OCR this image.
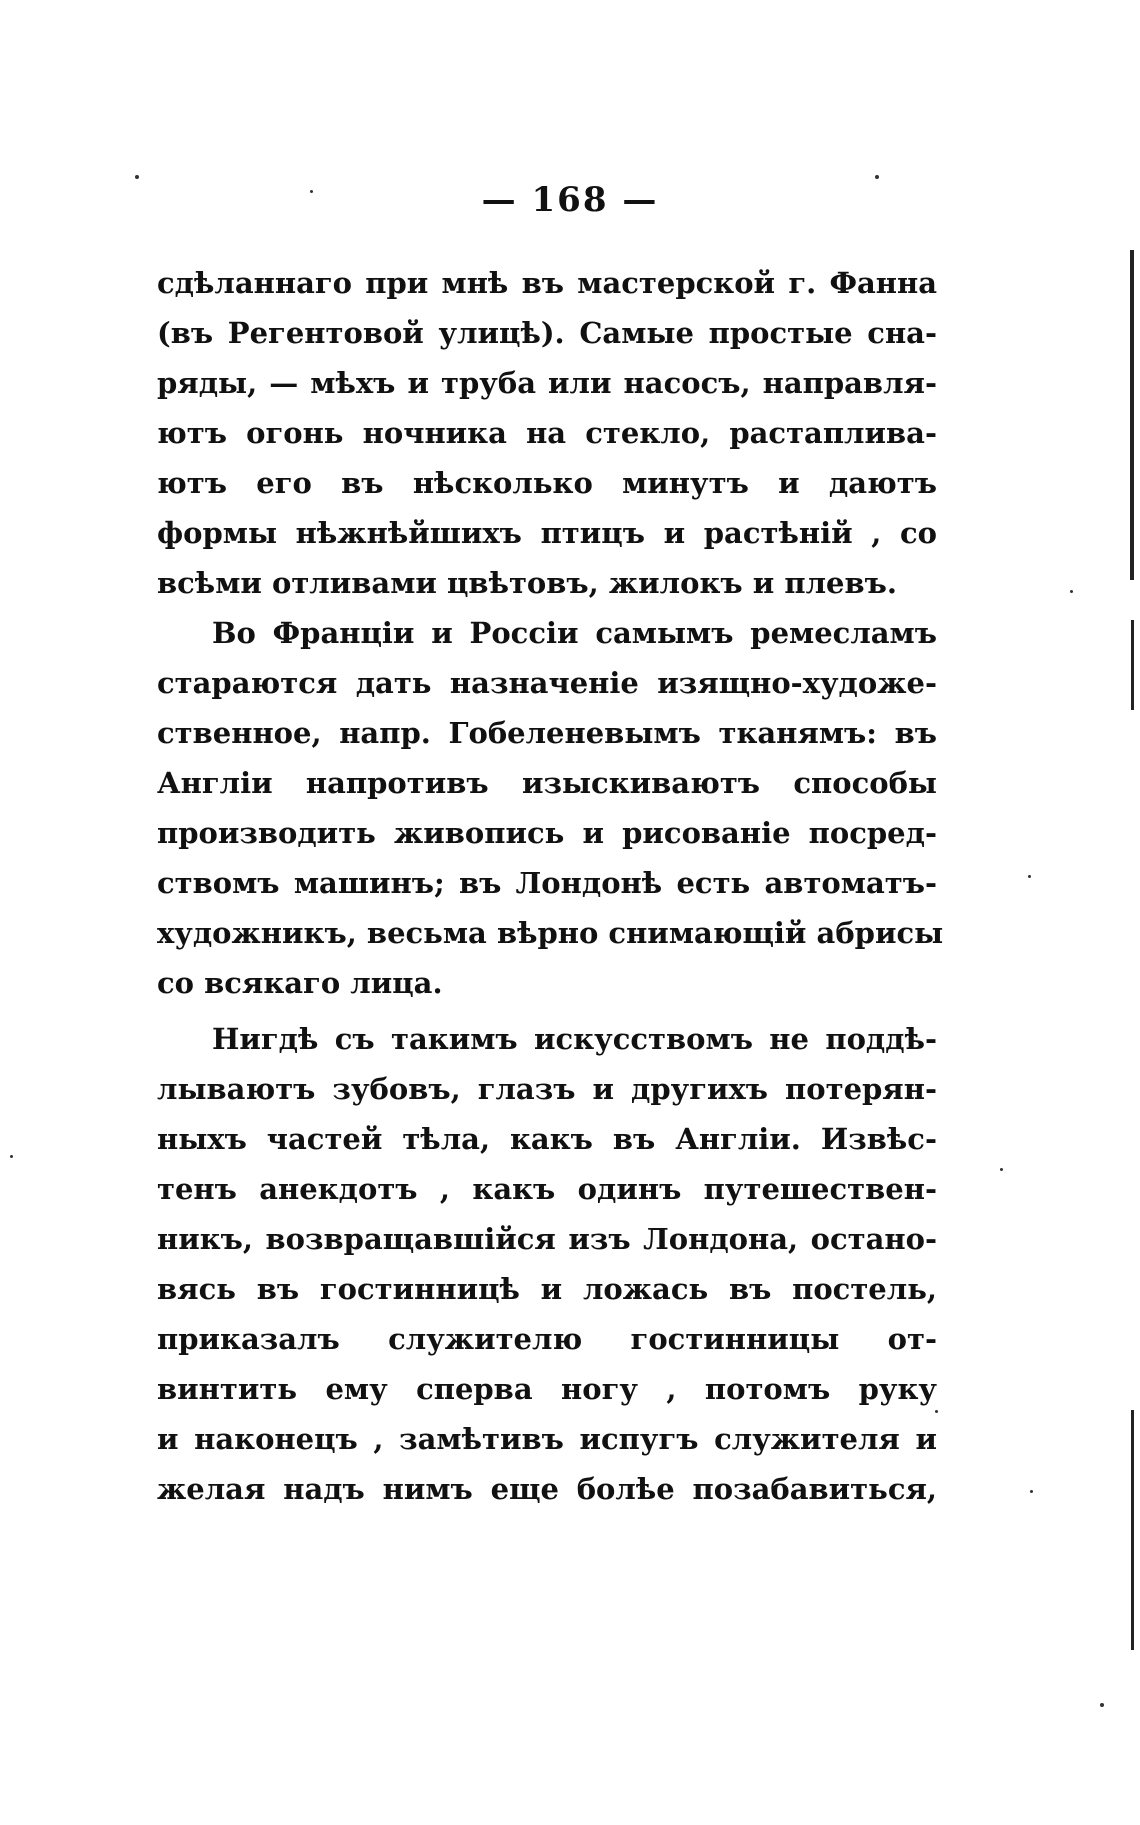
— 168 —
сдѣланнаго при мнѣ въ мастерской г. Фанна
(въ Регентовой улицѣ). Самые простые сна-
ряды, — мѣхъ и труба или насосъ, направля-
ютъ огонь ночника на стекло, растапливa-
ютъ его въ нѣсколько минутъ и даютъ
формы нѣжнѣйшихъ птицъ и растѣній , со
всѣми отливами цвѣтовъ, жилокъ и плевъ.
Во Франціи и Россіи самымъ ремесламъ
стараются дать назначеніе изящно-художе-
ственное, напр. Гобеленевымъ тканямъ: въ
Англіи напротивъ изыскиваютъ способы
производить живопись и рисованіе посред-
ствомъ машинъ; въ Лондонѣ есть автоматъ-
художникъ, весьма вѣрно снимающій абрисы
со всякаго лица.
Нигдѣ съ такимъ искусствомъ не поддѣ-
лываютъ зубовъ, глазъ и другихъ потерян-
ныхъ частей тѣла, какъ въ Англіи. Извѣс-
тенъ анекдотъ , какъ одинъ путешествен-
никъ, возвращавшійся изъ Лондона, остано-
вясь въ гостинницѣ и ложась въ постель,
приказалъ служителю гостинницы от-
винтить ему сперва ногу , потомъ руку
и наконецъ , замѣтивъ испугъ служителя и
желая надъ нимъ еще болѣе позабавиться,
